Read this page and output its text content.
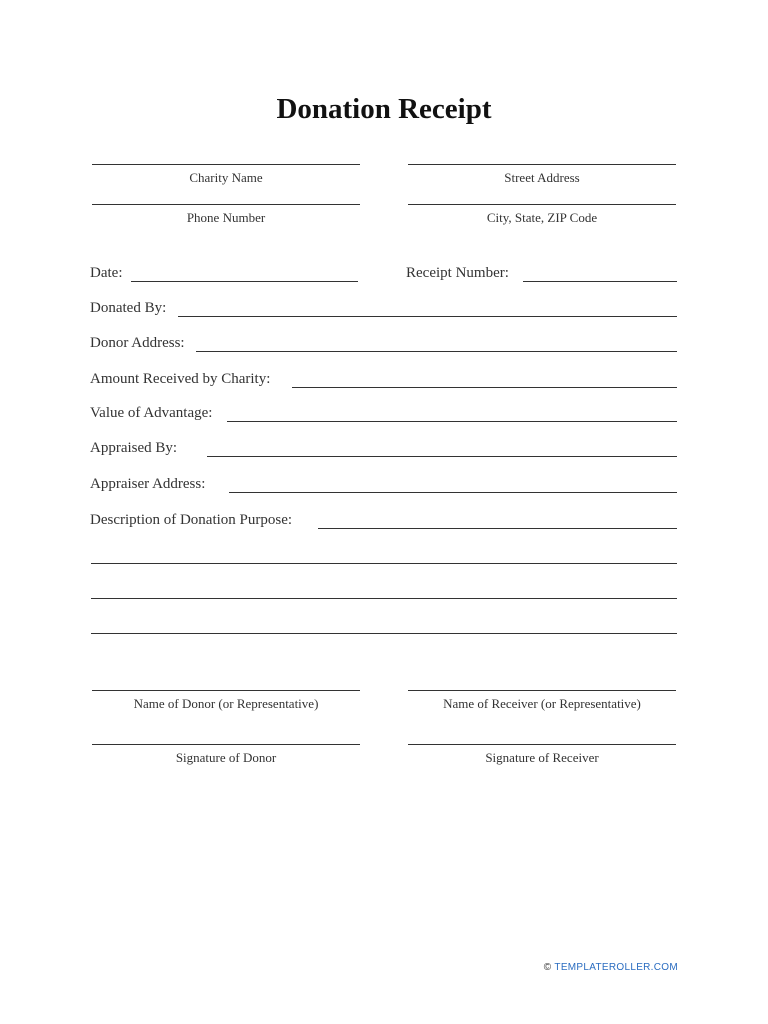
Donation Receipt
Charity Name	Street Address
Phone Number	City, State, ZIP Code
Date:	Receipt Number:
Donated By:
Donor Address:
Amount Received by Charity:
Value of Advantage:
Appraised By:
Appraiser Address:
Description of Donation Purpose:
Name of Donor (or Representative)	Name of Receiver (or Representative)
Signature of Donor	Signature of Receiver
© TEMPLATEROLLER.COM
